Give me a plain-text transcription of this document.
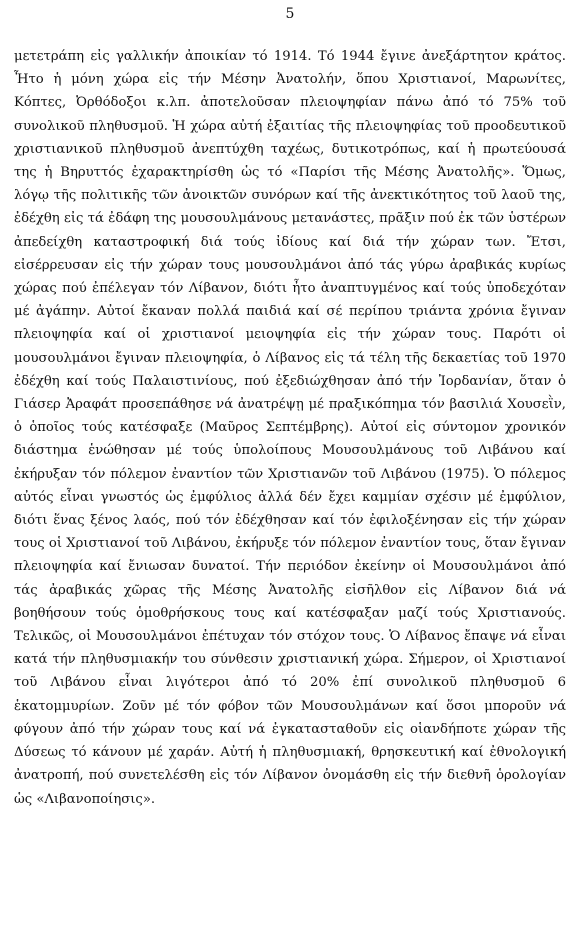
5

μετετράπη εἰς γαλλικήν ἀποικίαν τό 1914. Τό 1944 ἔγινε ἀνεξάρτητον κράτος. Ἦτο ἡ μόνη χώρα εἰς τήν Μέσην Ἀνατολήν, ὅπου Χριστιανοί, Μαρωνίτες, Κόπτες, Ὀρθόδοξοι κ.λπ. ἀποτελοῦσαν πλειοψηφίαν πάνω ἀπό τό 75% τοῦ συνολικοῦ πληθυσμοῦ. Ἡ χώρα αὐτή ἐξαιτίας τῆς πλειοψηφίας τοῦ προοδευτικοῦ χριστιανικοῦ πληθυσμοῦ ἀνεπτύχθη ταχέως, δυτικοτρόπως, καί ἡ πρωτεύουσά της ἡ Βηρυττός ἐχαρακτηρίσθη ὡς τό «Παρίσι τῆς Μέσης Ἀνατολῆς». Ὅμως, λόγῳ τῆς πολιτικῆς τῶν ἀνοικτῶν συνόρων καί τῆς ἀνεκτικότητος τοῦ λαοῦ της, ἐδέχθη εἰς τά ἐδάφη της μουσουλμάνους μετανάστες, πρᾶξιν πού ἐκ τῶν ὑστέρων ἀπεδείχθη καταστροφική διά τούς ἰδίους καί διά τήν χώραν των. Ἔτσι, εἰσέρρευσαν εἰς τήν χώραν τους μουσουλμάνοι ἀπό τάς γύρω ἀραβικάς κυρίως χώρας πού ἐπέλεγαν τόν Λίβανον, διότι ἦτο ἀναπτυγμένος καί τούς ὑποδεχόταν μέ ἀγάπην. Αὐτοί ἔκαναν πολλά παιδιά καί σέ περίπου τριάντα χρόνια ἔγιναν πλειοψηφία καί οἱ χριστιανοί μειοψηφία εἰς τήν χώραν τους. Παρότι οἱ μουσουλμάνοι ἔγιναν πλειοψηφία, ὁ Λίβανος εἰς τά τέλη τῆς δεκαετίας τοῦ 1970 ἐδέχθη καί τούς Παλαιστινίους, πού ἐξεδιώχθησαν ἀπό τήν Ἰορδανίαν, ὅταν ὁ Γιάσερ Ἀραφάτ προσεπάθησε νά ἀνατρέψῃ μέ πραξικόπημα τόν βασιλιά Χουσεῒν, ὁ ὁποῖος τούς κατέσφαξε (Μαῦρος Σεπτέμβρης). Αὐτοί εἰς σύντομον χρονικόν διάστημα ἑνώθησαν μέ τούς ὑπολοίπους Μουσουλμάνους τοῦ Λιβάνου καί ἐκήρυξαν τόν πόλεμον ἐναντίον τῶν Χριστιανῶν τοῦ Λιβάνου (1975). Ὁ πόλεμος αὐτός εἶναι γνωστός ὡς ἐμφύλιος ἀλλά δέν ἔχει καμμίαν σχέσιν μέ ἐμφύλιον, διότι ἕνας ξένος λαός, πού τόν ἐδέχθησαν καί τόν ἐφιλοξένησαν εἰς τήν χώραν τους οἱ Χριστιανοί τοῦ Λιβάνου, ἐκήρυξε τόν πόλεμον ἐναντίον τους, ὅταν ἔγιναν πλειοψηφία καί ἔνιωσαν δυνατοί. Τήν περιόδον ἐκείνην οἱ Μουσουλμάνοι ἀπό τάς ἀραβικάς χῶρας τῆς Μέσης Ἀνατολῆς εἰσῆλθον εἰς Λίβανον διά νά βοηθήσουν τούς ὁμοθρήσκους τους καί κατέσφαξαν μαζί τούς Χριστιανούς. Τελικῶς, οἱ Μουσουλμάνοι ἐπέτυχαν τόν στόχον τους. Ὁ Λίβανος ἔπαψε νά εἶναι κατά τήν πληθυσμιακήν του σύνθεσιν χριστιανική χώρα. Σήμερον, οἱ Χριστιανοί τοῦ Λιβάνου εἶναι λιγότεροι ἀπό τό 20% ἐπί συνολικοῦ πληθυσμοῦ 6 ἑκατομμυρίων. Ζοῦν μέ τόν φόβον τῶν Μουσουλμάνων καί ὅσοι μποροῦν νά φύγουν ἀπό τήν χώραν τους καί νά ἐγκατασταθοῦν εἰς οἱανδήποτε χώραν τῆς Δύσεως τό κάνουν μέ χαράν. Αὐτή ἡ πληθυσμιακή, θρησκευτική καί ἐθνολογική ἀνατροπή, πού συνετελέσθη εἰς τόν Λίβανον ὀνομάσθη εἰς τήν διεθνῆ ὁρολογίαν ὡς «Λιβανοποίησις».
